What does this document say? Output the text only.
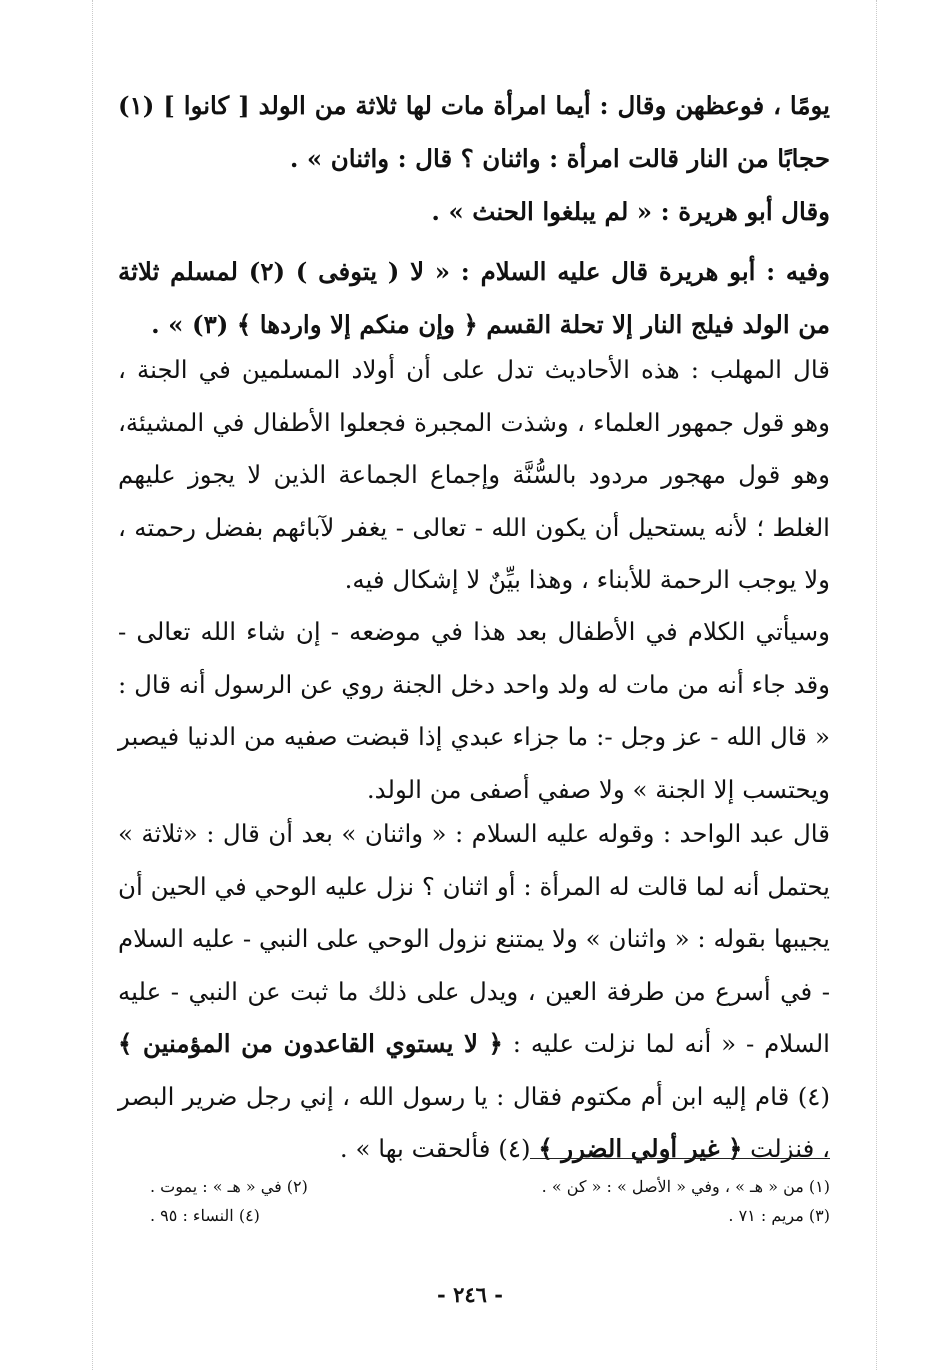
يومًا ، فوعظهن وقال : أيما امرأة مات لها ثلاثة من الولد [ كانوا ] (١) حجابًا من النار قالت امرأة : واثنان ؟ قال : واثنان » .

وقال أبو هريرة : « لم يبلغوا الحنث » .

وفيه : أبو هريرة قال عليه السلام : « لا ( يتوفى ) (٢) لمسلم ثلاثة من الولد فيلج النار إلا تحلة القسم ﴿ وإن منكم إلا واردها ﴾ (٣) » .

قال المهلب : هذه الأحاديث تدل على أن أولاد المسلمين في الجنة ، وهو قول جمهور العلماء ، وشذت المجبرة فجعلوا الأطفال في المشيئة، وهو قول مهجور مردود بالسُّنَّة وإجماع الجماعة الذين لا يجوز عليهم الغلط ؛ لأنه يستحيل أن يكون الله - تعالى - يغفر لآبائهم بفضل رحمته ، ولا يوجب الرحمة للأبناء ، وهذا بيِّنٌ لا إشكال فيه.

وسيأتي الكلام في الأطفال بعد هذا في موضعه - إن شاء الله تعالى - وقد جاء أنه من مات له ولد واحد دخل الجنة روي عن الرسول أنه قال : « قال الله - عز وجل -: ما جزاء عبدي إذا قبضت صفيه من الدنيا فيصبر ويحتسب إلا الجنة » ولا صفي أصفى من الولد.

قال عبد الواحد : وقوله عليه السلام : « واثنان » بعد أن قال : «ثلاثة » يحتمل أنه لما قالت له المرأة : أو اثنان ؟ نزل عليه الوحي في الحين أن يجيبها بقوله : « واثنان » ولا يمتنع نزول الوحي على النبي - عليه السلام - في أسرع من طرفة العين ، ويدل على ذلك ما ثبت عن النبي - عليه السلام - « أنه لما نزلت عليه : ﴿ لا يستوي القاعدون من المؤمنين ﴾ (٤) قام إليه ابن أم مكتوم فقال : يا رسول الله ، إني رجل ضرير البصر ، فنزلت ﴿ غير أولي الضرر ﴾ (٤) فألحقت بها » .

(١) من « هـ » ، وفي « الأصل » : « كن » .
(٢) في « هـ » : يموت .
(٣) مريم : ٧١ .
(٤) النساء : ٩٥ .
- ٢٤٦ -
